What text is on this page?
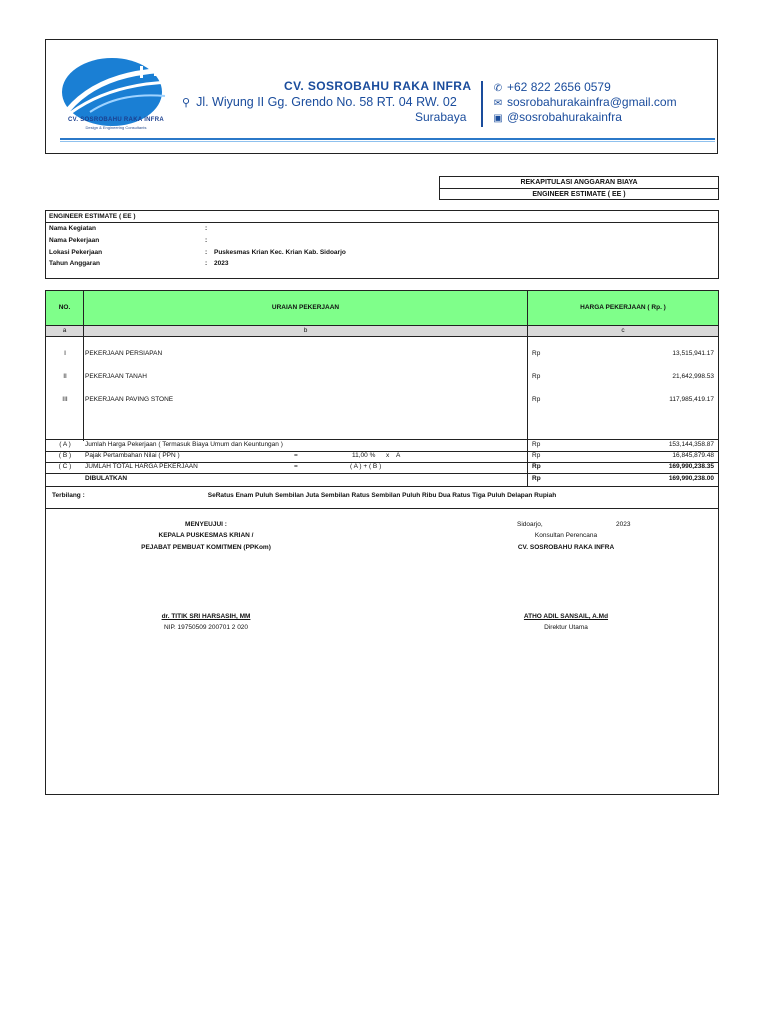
CV. SOSROBAHU RAKA INFRA
Design & Engineering Consultants
CV. SOSROBAHU RAKA INFRA
⚲ Jl. Wiyung II Gg. Grendo No. 58 RT. 04 RW. 02
Surabaya
✆ +62 822 2656 0579
✉ sosrobahurakainfra@gmail.com
▣ @sosrobahurakainfra
REKAPITULASI ANGGARAN BIAYA
ENGINEER ESTIMATE ( EE )
ENGINEER ESTIMATE ( EE )
Nama Kegiatan	:
Nama Pekerjaan	:
Lokasi Pekerjaan	: Puskesmas Krian Kec. Krian Kab. Sidoarjo
Tahun Anggaran	: 2023
NO.	URAIAN PEKERJAAN	HARGA PEKERJAAN ( Rp. )
a	b	c
I	PEKERJAAN PERSIAPAN	Rp	13,515,941.17
II	PEKERJAAN TANAH	Rp	21,642,998.53
III	PEKERJAAN PAVING STONE	Rp	117,985,419.17
( A )	Jumlah Harga Pekerjaan ( Termasuk Biaya Umum dan Keuntungan )	Rp	153,144,358.87
( B )	Pajak Pertambahan Nilai ( PPN )	=	11,00 % x A	Rp	16,845,879.48
( C )	JUMLAH TOTAL HARGA PEKERJAAN	=	( A ) + ( B )	Rp	169,990,238.35
DIBULATKAN	Rp	169,990,238.00
Terbilang :	SeRatus Enam Puluh Sembilan Juta Sembilan Ratus Sembilan Puluh Ribu Dua Ratus Tiga Puluh Delapan Rupiah
MENYEUJUI :
KEPALA PUSKESMAS KRIAN /
PEJABAT PEMBUAT KOMITMEN (PPKom)
dr. TITIK SRI HARSASIH, MM
NIP. 19750509 200701 2 020
Sidoarjo,	2023
Konsultan Perencana
CV. SOSROBAHU RAKA INFRA
ATHO ADIL SANSAIL, A.Md
Direktur Utama
